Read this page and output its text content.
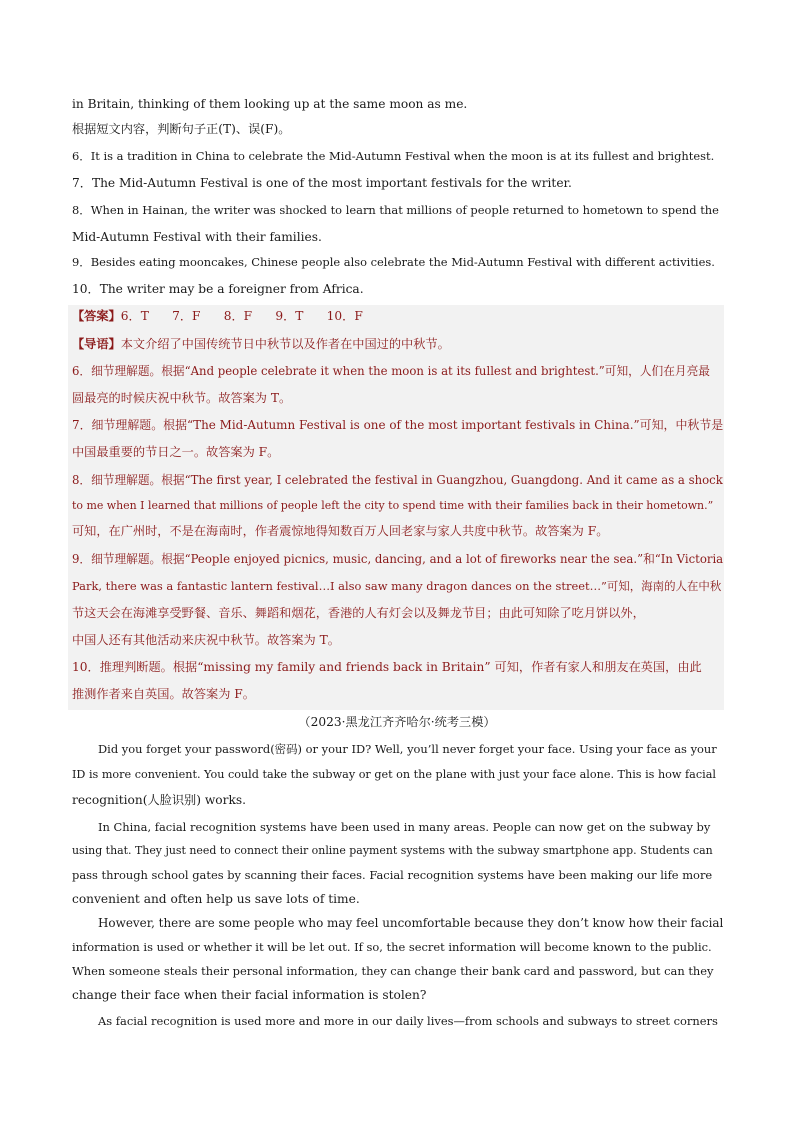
in Britain, thinking of them looking up at the same moon as me.
根据短文内容，判断句子正(T)、误(F)。
6．It is a tradition in China to celebrate the Mid-Autumn Festival when the moon is at its fullest and brightest.
7．The Mid-Autumn Festival is one of the most important festivals for the writer.
8．When in Hainan, the writer was shocked to learn that millions of people returned to hometown to spend the
Mid-Autumn Festival with their families.
9．Besides eating mooncakes, Chinese people also celebrate the Mid-Autumn Festival with different activities.
10．The writer may be a foreigner from Africa.
【答案】6．T      7．F      8．F      9．T      10．F
【导语】本文介绍了中国传统节日中秋节以及作者在中国过的中秋节。
6．细节理解题。根据“And people celebrate it when the moon is at its fullest and brightest.”可知，人们在月亮最
圆最亮的时候庆祝中秋节。故答案为 T。
7．细节理解题。根据“The Mid-Autumn Festival is one of the most important festivals in China.”可知，中秋节是
中国最重要的节日之一。故答案为 F。
8．细节理解题。根据“The first year, I celebrated the festival in Guangzhou, Guangdong. And it came as a shock
to me when I learned that millions of people left the city to spend time with their families back in their hometown.”
可知，在广州时，不是在海南时，作者震惊地得知数百万人回老家与家人共度中秋节。故答案为 F。
9．细节理解题。根据“People enjoyed picnics, music, dancing, and a lot of fireworks near the sea.”和“In Victoria
Park, there was a fantastic lantern festival…I also saw many dragon dances on the street…”可知，海南的人在中秋
节这天会在海滩享受野餐、音乐、舞蹈和烟花，香港的人有灯会以及舞龙节目；由此可知除了吃月饼以外，
中国人还有其他活动来庆祝中秋节。故答案为 T。
10．推理判断题。根据“missing my family and friends back in Britain” 可知，作者有家人和朋友在英国，由此
推测作者来自英国。故答案为 F。
（2023·黑龙江齐齐哈尔·统考三模）
Did you forget your password(密码) or your ID? Well, you’ll never forget your face. Using your face as your
ID is more convenient. You could take the subway or get on the plane with just your face alone. This is how facial
recognition(人脸识别) works.
In China, facial recognition systems have been used in many areas. People can now get on the subway by
using that. They just need to connect their online payment systems with the subway smartphone app. Students can
pass through school gates by scanning their faces. Facial recognition systems have been making our life more
convenient and often help us save lots of time.
However, there are some people who may feel uncomfortable because they don’t know how their facial
information is used or whether it will be let out. If so, the secret information will become known to the public.
When someone steals their personal information, they can change their bank card and password, but can they
change their face when their facial information is stolen?
As facial recognition is used more and more in our daily lives—from schools and subways to street corners
